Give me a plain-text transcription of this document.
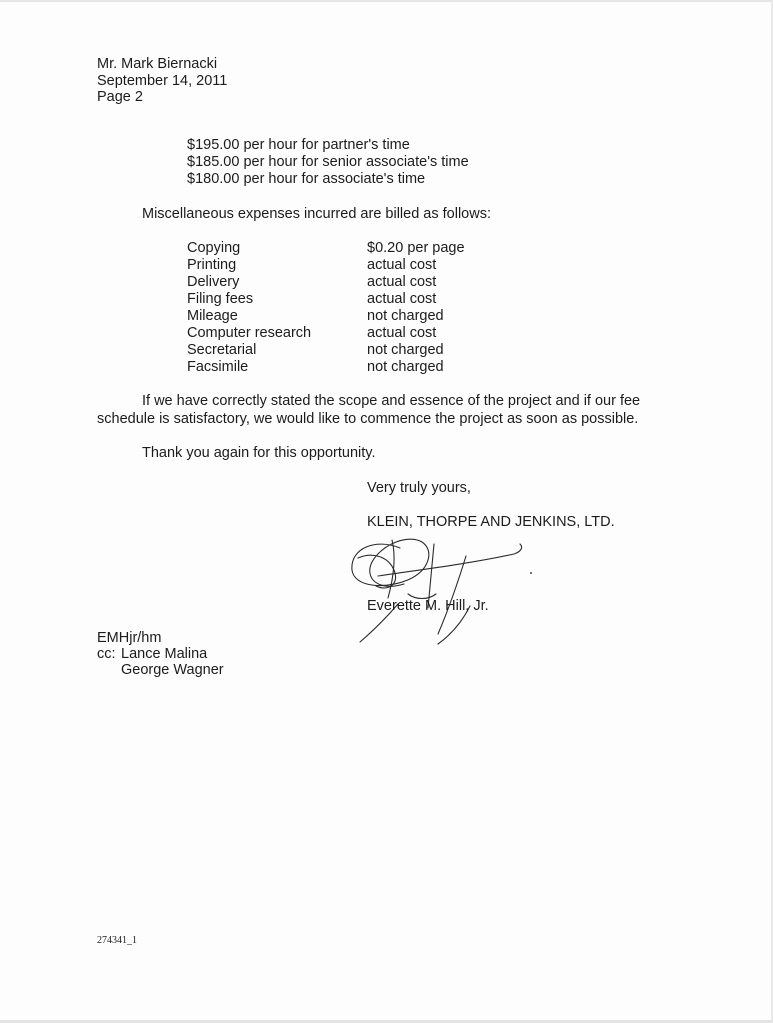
Mr. Mark Biernacki
September 14, 2011
Page 2
$195.00 per hour for partner's time
$185.00 per hour for senior associate's time
$180.00 per hour for associate's time
Miscellaneous expenses incurred are billed as follows:
Copying	$0.20 per page
Printing	actual cost
Delivery	actual cost
Filing fees	actual cost
Mileage	not charged
Computer research	actual cost
Secretarial	not charged
Facsimile	not charged
If we have correctly stated the scope and essence of the project and if our fee
schedule is satisfactory, we would like to commence the project as soon as possible.
Thank you again for this opportunity.
Very truly yours,
KLEIN, THORPE AND JENKINS, LTD.
Everette M. Hill, Jr.
EMHjr/hm
cc: Lance Malina
George Wagner
274341_1
